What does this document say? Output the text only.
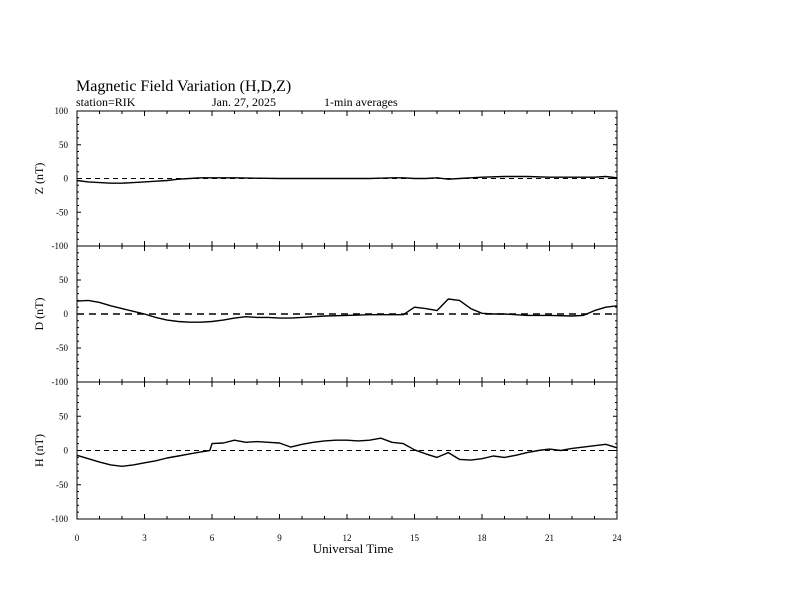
Magnetic Field Variation (H,D,Z)
station=RIK	Jan. 27, 2025	1-min averages
Universal Time
100
50
0
-50
-100
Z (nT)
50
0
-50
-100
D (nT)
50
0
-50
-100
H (nT)
0	3	6	9	12	15	18	21	24
